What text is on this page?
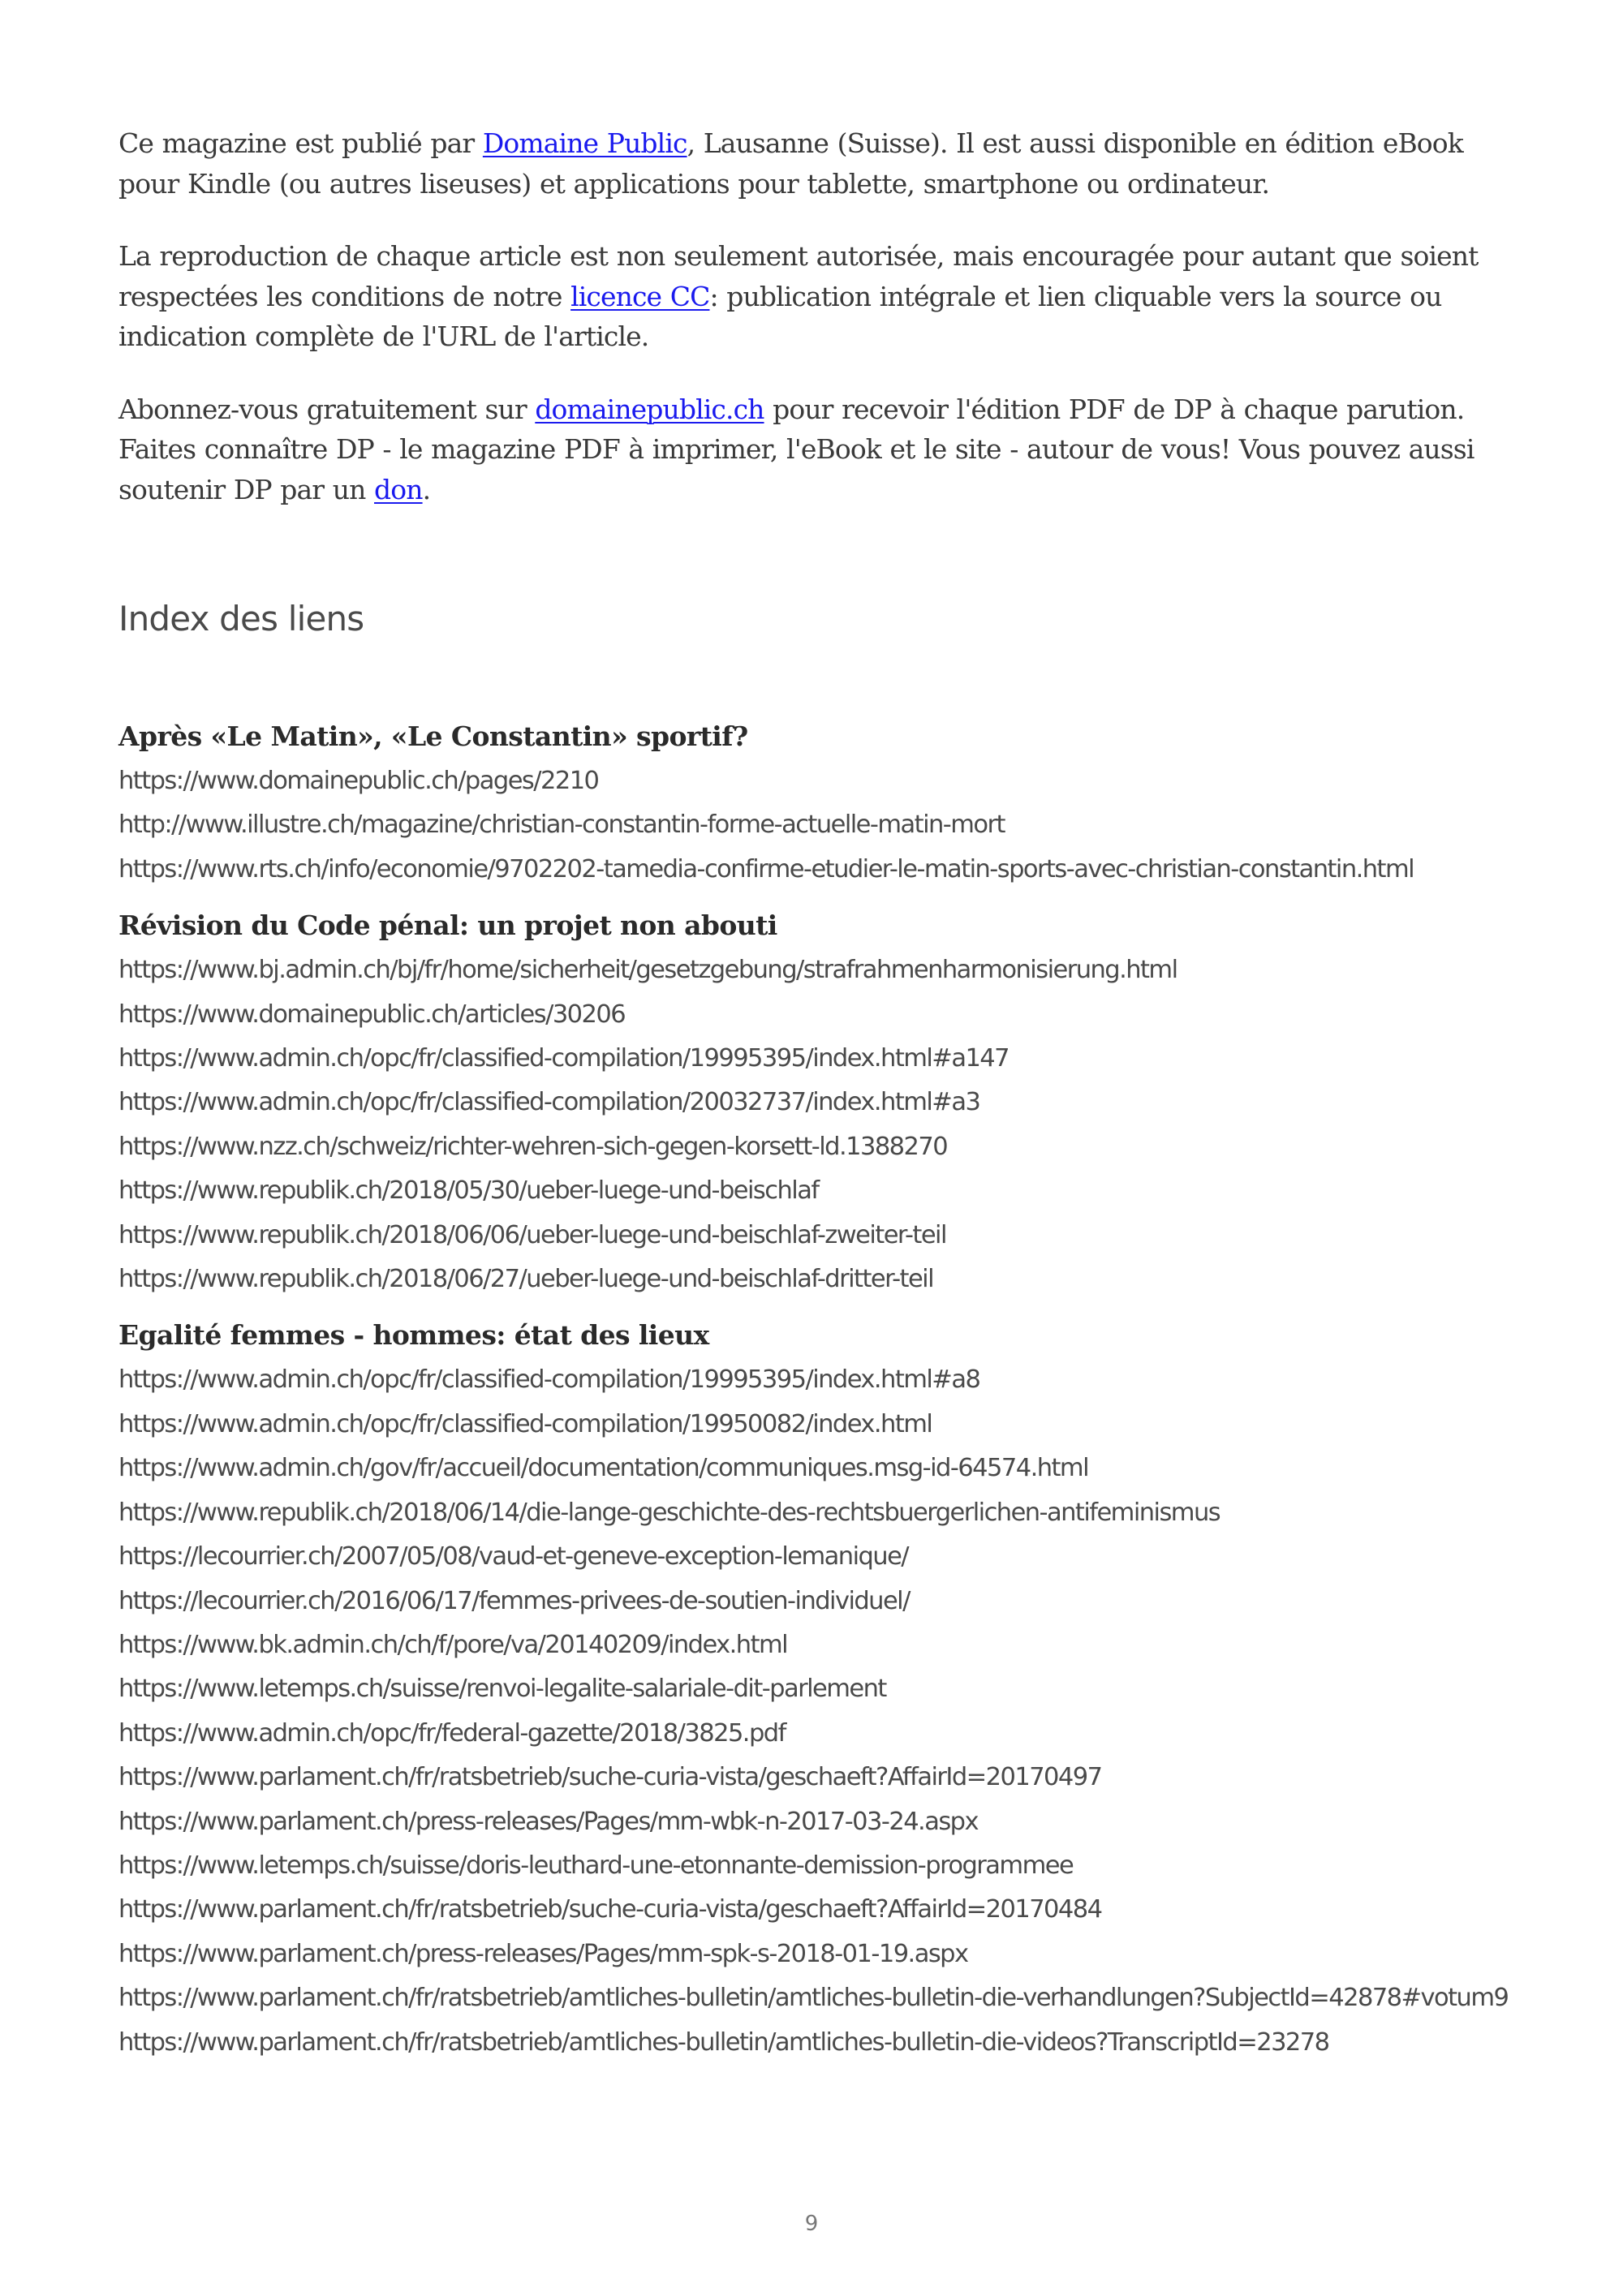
Ce magazine est publié par Domaine Public, Lausanne (Suisse). Il est aussi disponible en édition eBook pour Kindle (ou autres liseuses) et applications pour tablette, smartphone ou ordinateur.

La reproduction de chaque article est non seulement autorisée, mais encouragée pour autant que soient respectées les conditions de notre licence CC: publication intégrale et lien cliquable vers la source ou indication complète de l'URL de l'article.

Abonnez-vous gratuitement sur domainepublic.ch pour recevoir l'édition PDF de DP à chaque parution. Faites connaître DP - le magazine PDF à imprimer, l'eBook et le site - autour de vous! Vous pouvez aussi soutenir DP par un don.

Index des liens
Après «Le Matin», «Le Constantin» sportif?
https://www.domainepublic.ch/pages/2210
http://www.illustre.ch/magazine/christian-constantin-forme-actuelle-matin-mort
https://www.rts.ch/info/economie/9702202-tamedia-confirme-etudier-le-matin-sports-avec-christian-constantin.html
Révision du Code pénal: un projet non abouti
https://www.bj.admin.ch/bj/fr/home/sicherheit/gesetzgebung/strafrahmenharmonisierung.html
https://www.domainepublic.ch/articles/30206
https://www.admin.ch/opc/fr/classified-compilation/19995395/index.html#a147
https://www.admin.ch/opc/fr/classified-compilation/20032737/index.html#a3
https://www.nzz.ch/schweiz/richter-wehren-sich-gegen-korsett-ld.1388270
https://www.republik.ch/2018/05/30/ueber-luege-und-beischlaf
https://www.republik.ch/2018/06/06/ueber-luege-und-beischlaf-zweiter-teil
https://www.republik.ch/2018/06/27/ueber-luege-und-beischlaf-dritter-teil
Egalité femmes - hommes: état des lieux
https://www.admin.ch/opc/fr/classified-compilation/19995395/index.html#a8
https://www.admin.ch/opc/fr/classified-compilation/19950082/index.html
https://www.admin.ch/gov/fr/accueil/documentation/communiques.msg-id-64574.html
https://www.republik.ch/2018/06/14/die-lange-geschichte-des-rechtsbuergerlichen-antifeminismus
https://lecourrier.ch/2007/05/08/vaud-et-geneve-exception-lemanique/
https://lecourrier.ch/2016/06/17/femmes-privees-de-soutien-individuel/
https://www.bk.admin.ch/ch/f/pore/va/20140209/index.html
https://www.letemps.ch/suisse/renvoi-legalite-salariale-dit-parlement
https://www.admin.ch/opc/fr/federal-gazette/2018/3825.pdf
https://www.parlament.ch/fr/ratsbetrieb/suche-curia-vista/geschaeft?AffairId=20170497
https://www.parlament.ch/press-releases/Pages/mm-wbk-n-2017-03-24.aspx
https://www.letemps.ch/suisse/doris-leuthard-une-etonnante-demission-programmee
https://www.parlament.ch/fr/ratsbetrieb/suche-curia-vista/geschaeft?AffairId=20170484
https://www.parlament.ch/press-releases/Pages/mm-spk-s-2018-01-19.aspx
https://www.parlament.ch/fr/ratsbetrieb/amtliches-bulletin/amtliches-bulletin-die-verhandlungen?SubjectId=42878#votum9
https://www.parlament.ch/fr/ratsbetrieb/amtliches-bulletin/amtliches-bulletin-die-videos?TranscriptId=23278
9
